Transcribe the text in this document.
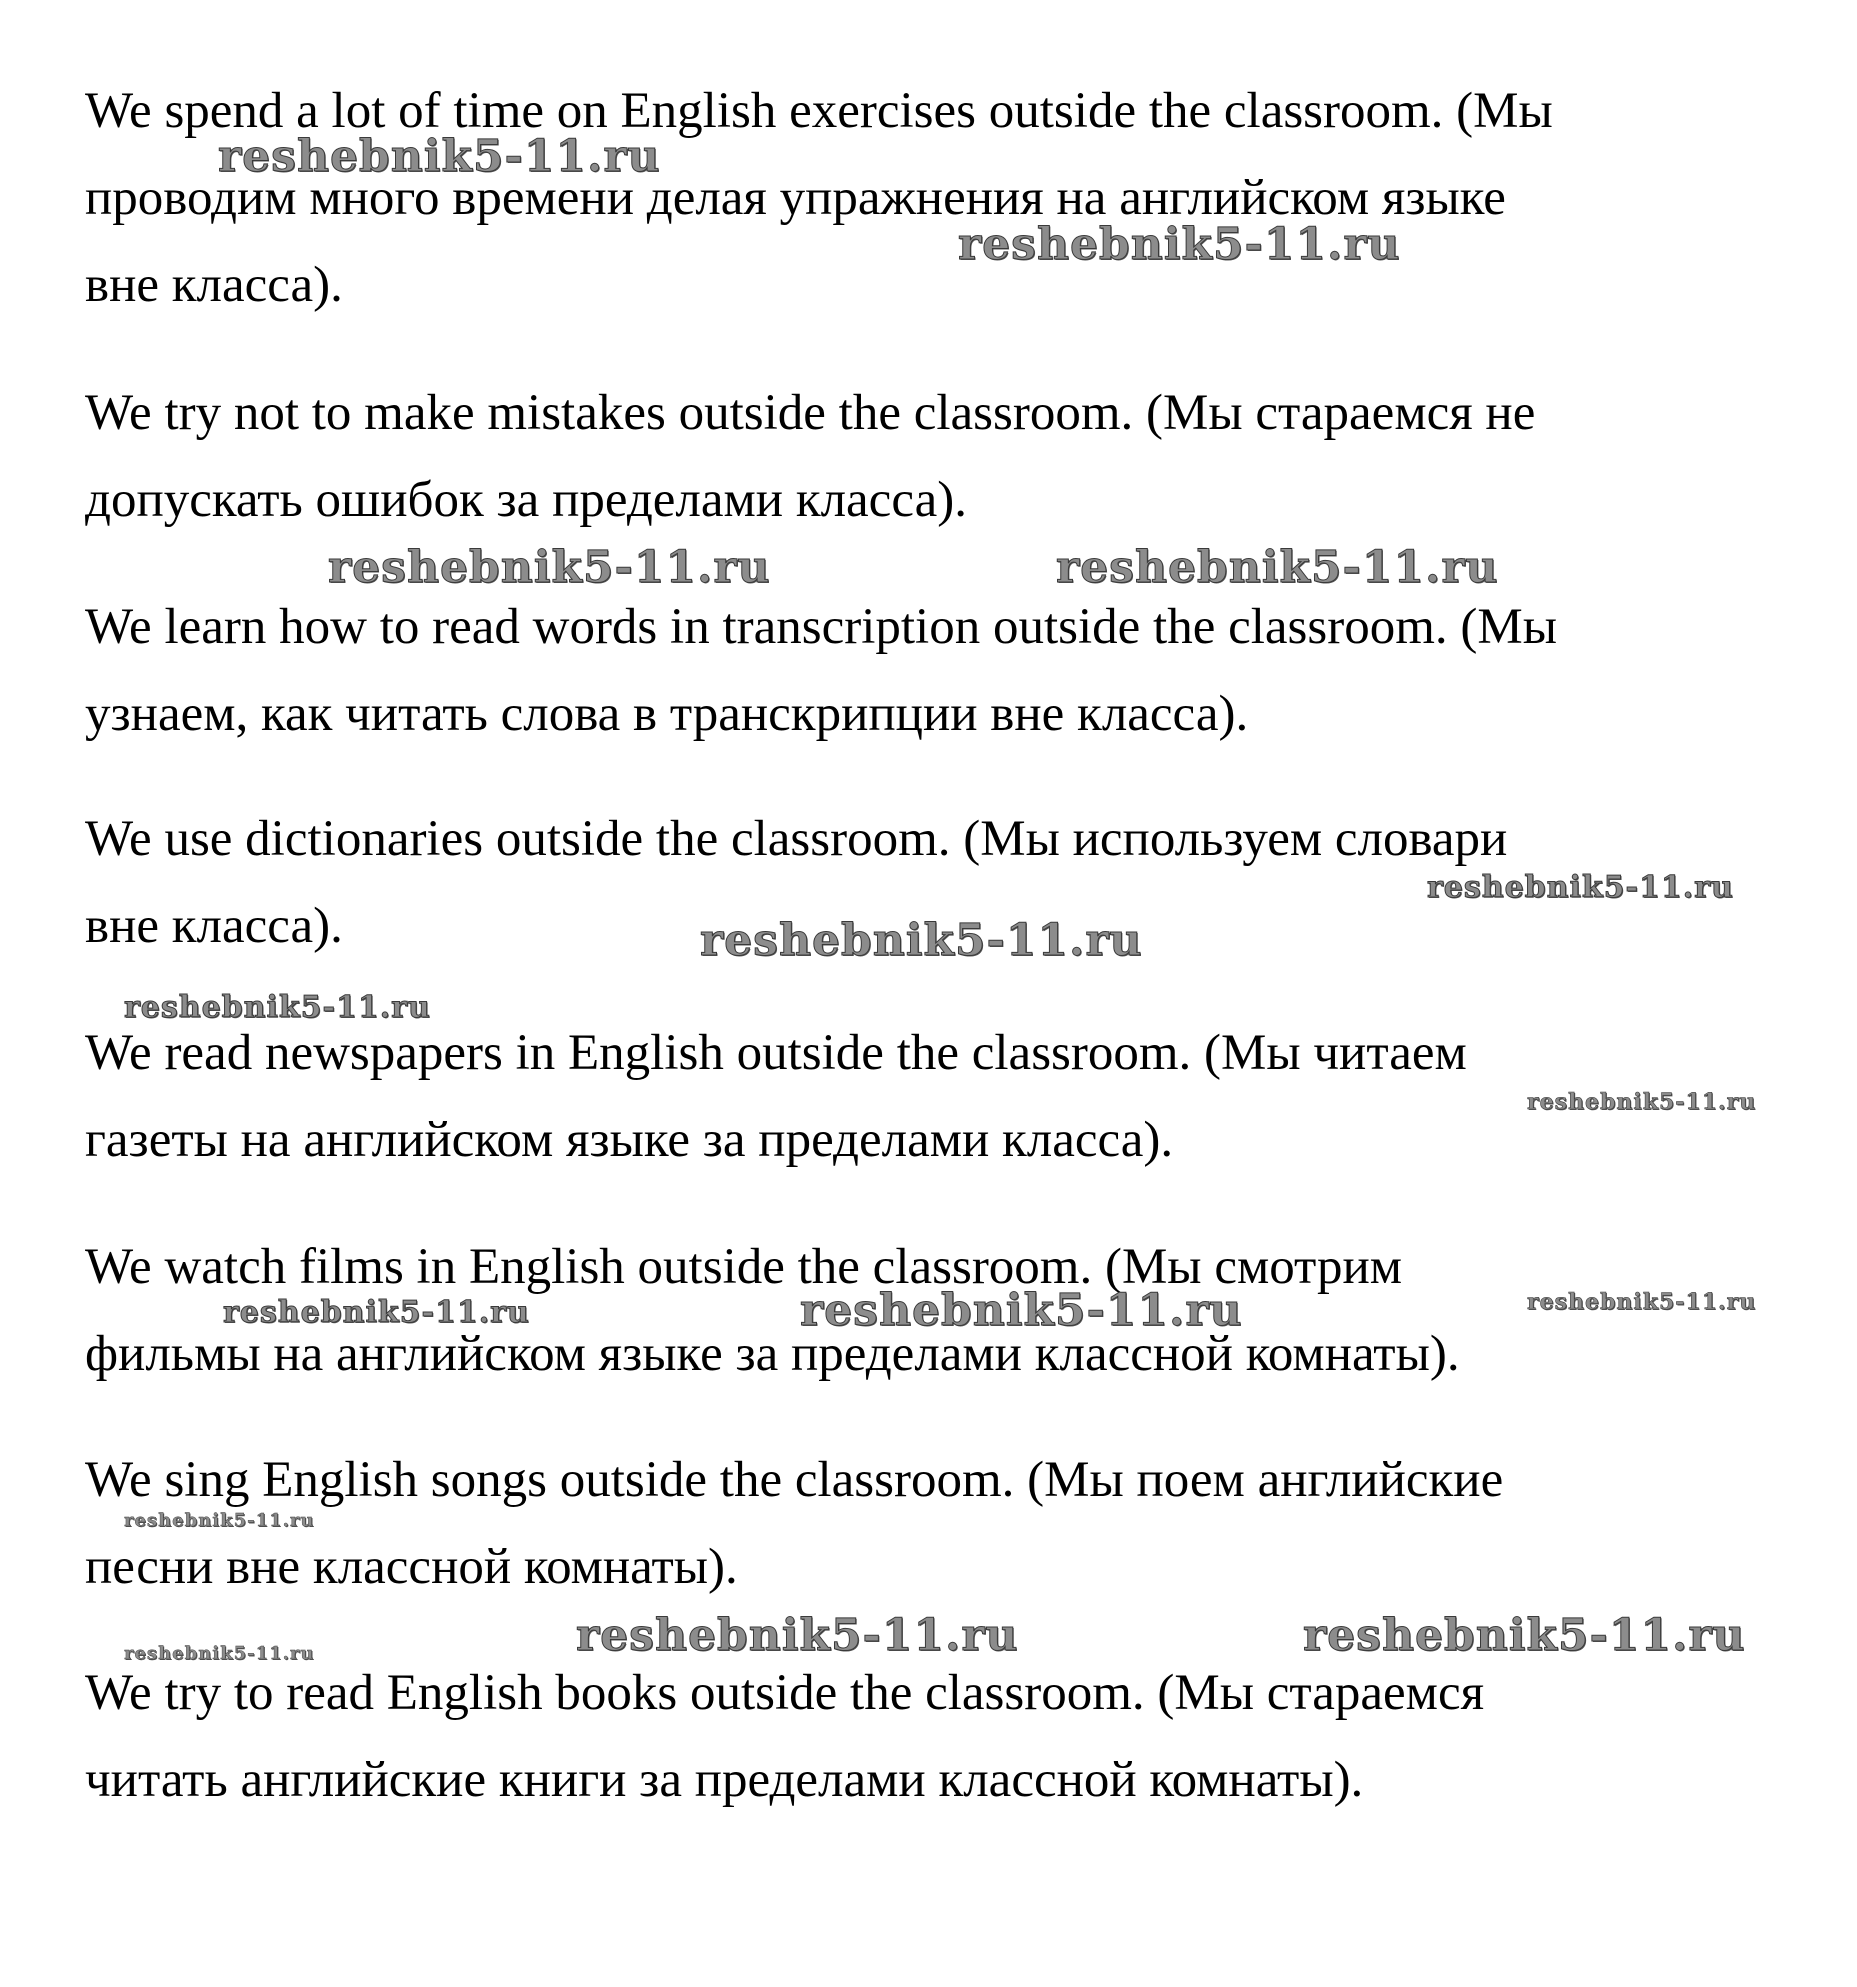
We spend a lot of time on English exercises outside the classroom. (Мы
проводим много времени делая упражнения на английском языке
вне класса).

We try not to make mistakes outside the classroom. (Мы стараемся не
допускать ошибок за пределами класса).

We learn how to read words in transcription outside the classroom. (Мы
узнаем, как читать слова в транскрипции вне класса).

We use dictionaries outside the classroom. (Мы используем словари
вне класса).

We read newspapers in English outside the classroom. (Мы читаем
газеты на английском языке за пределами класса).

We watch films in English outside the classroom. (Мы смотрим
фильмы на английском языке за пределами классной комнаты).

We sing English songs outside the classroom. (Мы поем английские
песни вне классной комнаты).

We try to read English books outside the classroom. (Мы стараемся
читать английские книги за пределами классной комнаты).

reshebnik5-11.ru
reshebnik5-11.ru
reshebnik5-11.ru	reshebnik5-11.ru
reshebnik5-11.ru
reshebnik5-11.ru
reshebnik5-11.ru
reshebnik5-11.ru
reshebnik5-11.ru	reshebnik5-11.ru	reshebnik5-11.ru
reshebnik5-11.ru
reshebnik5-11.ru	reshebnik5-11.ru
reshebnik5-11.ru
